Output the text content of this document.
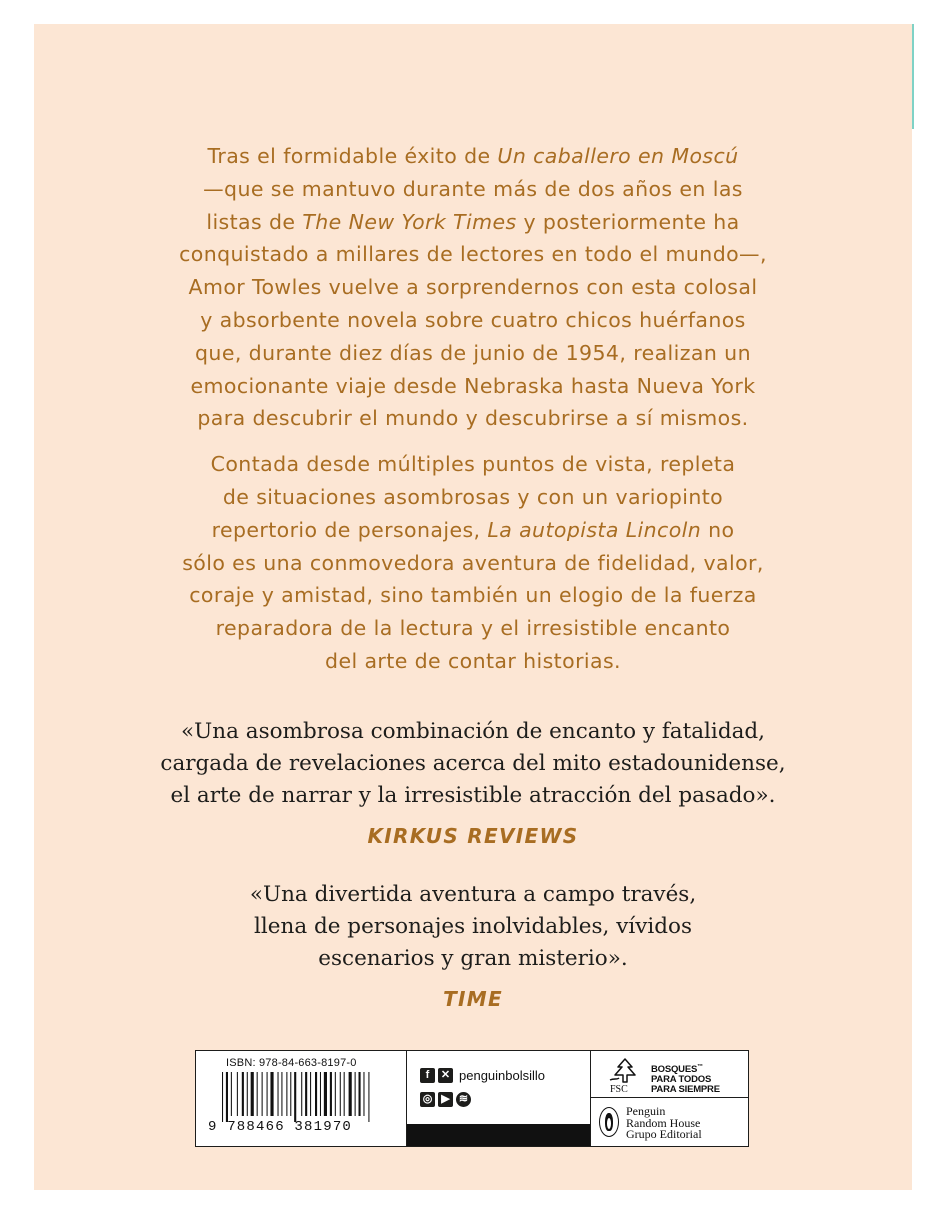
Tras el formidable éxito de Un caballero en Moscú
—que se mantuvo durante más de dos años en las
listas de The New York Times y posteriormente ha
conquistado a millares de lectores en todo el mundo—,
Amor Towles vuelve a sorprendernos con esta colosal
y absorbente novela sobre cuatro chicos huérfanos
que, durante diez días de junio de 1954, realizan un
emocionante viaje desde Nebraska hasta Nueva York
para descubrir el mundo y descubrirse a sí mismos.
Contada desde múltiples puntos de vista, repleta
de situaciones asombrosas y con un variopinto
repertorio de personajes, La autopista Lincoln no
sólo es una conmovedora aventura de fidelidad, valor,
coraje y amistad, sino también un elogio de la fuerza
reparadora de la lectura y el irresistible encanto
del arte de contar historias.
«Una asombrosa combinación de encanto y fatalidad,
cargada de revelaciones acerca del mito estadounidense,
el arte de narrar y la irresistible atracción del pasado».
KIRKUS REVIEWS
«Una divertida aventura a campo través,
llena de personajes inolvidables, vívidos
escenarios y gran misterio».
TIME
ISBN: 978-84-663-8197-0
9 788466 381970
f	✕ penguinbolsillo
◎ ▶ ≋
FSC
BOSQUES™
PARA TODOS
PARA SIEMPRE
Penguin
Random House
Grupo Editorial
